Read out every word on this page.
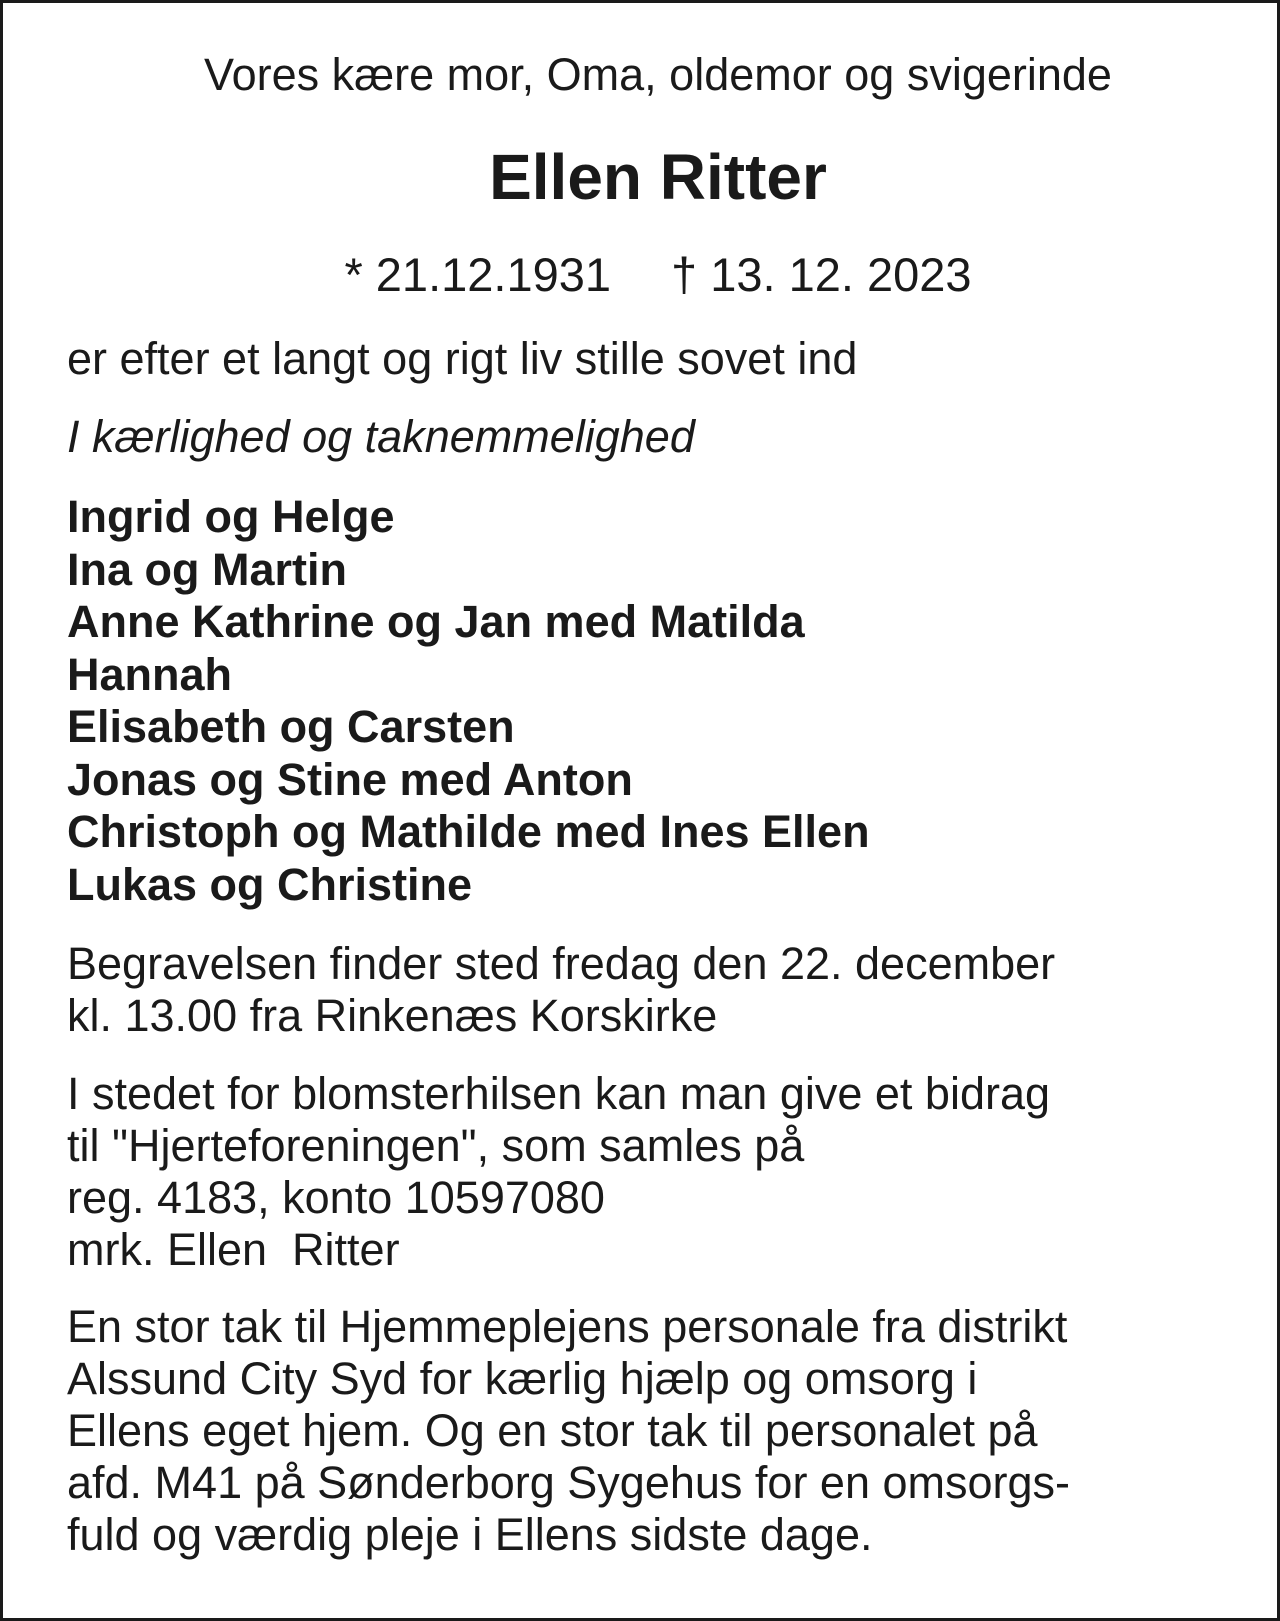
Vores kære mor, Oma, oldemor og svigerinde

Ellen Ritter

* 21.12.1931 † 13. 12. 2023

er efter et langt og rigt liv stille sovet ind

I kærlighed og taknemmelighed

Ingrid og Helge
Ina og Martin
Anne Kathrine og Jan med Matilda
Hannah
Elisabeth og Carsten
Jonas og Stine med Anton
Christoph og Mathilde med Ines Ellen
Lukas og Christine
Begravelsen finder sted fredag den 22. december
kl. 13.00 fra Rinkenæs Korskirke
I stedet for blomsterhilsen kan man give et bidrag
til "Hjerteforeningen", som samles på
reg. 4183, konto 10597080
mrk. Ellen  Ritter
En stor tak til Hjemmeplejens personale fra distrikt
Alssund City Syd for kærlig hjælp og omsorg i
Ellens eget hjem. Og en stor tak til personalet på
afd. M41 på Sønderborg Sygehus for en omsorgs-
fuld og værdig pleje i Ellens sidste dage.
